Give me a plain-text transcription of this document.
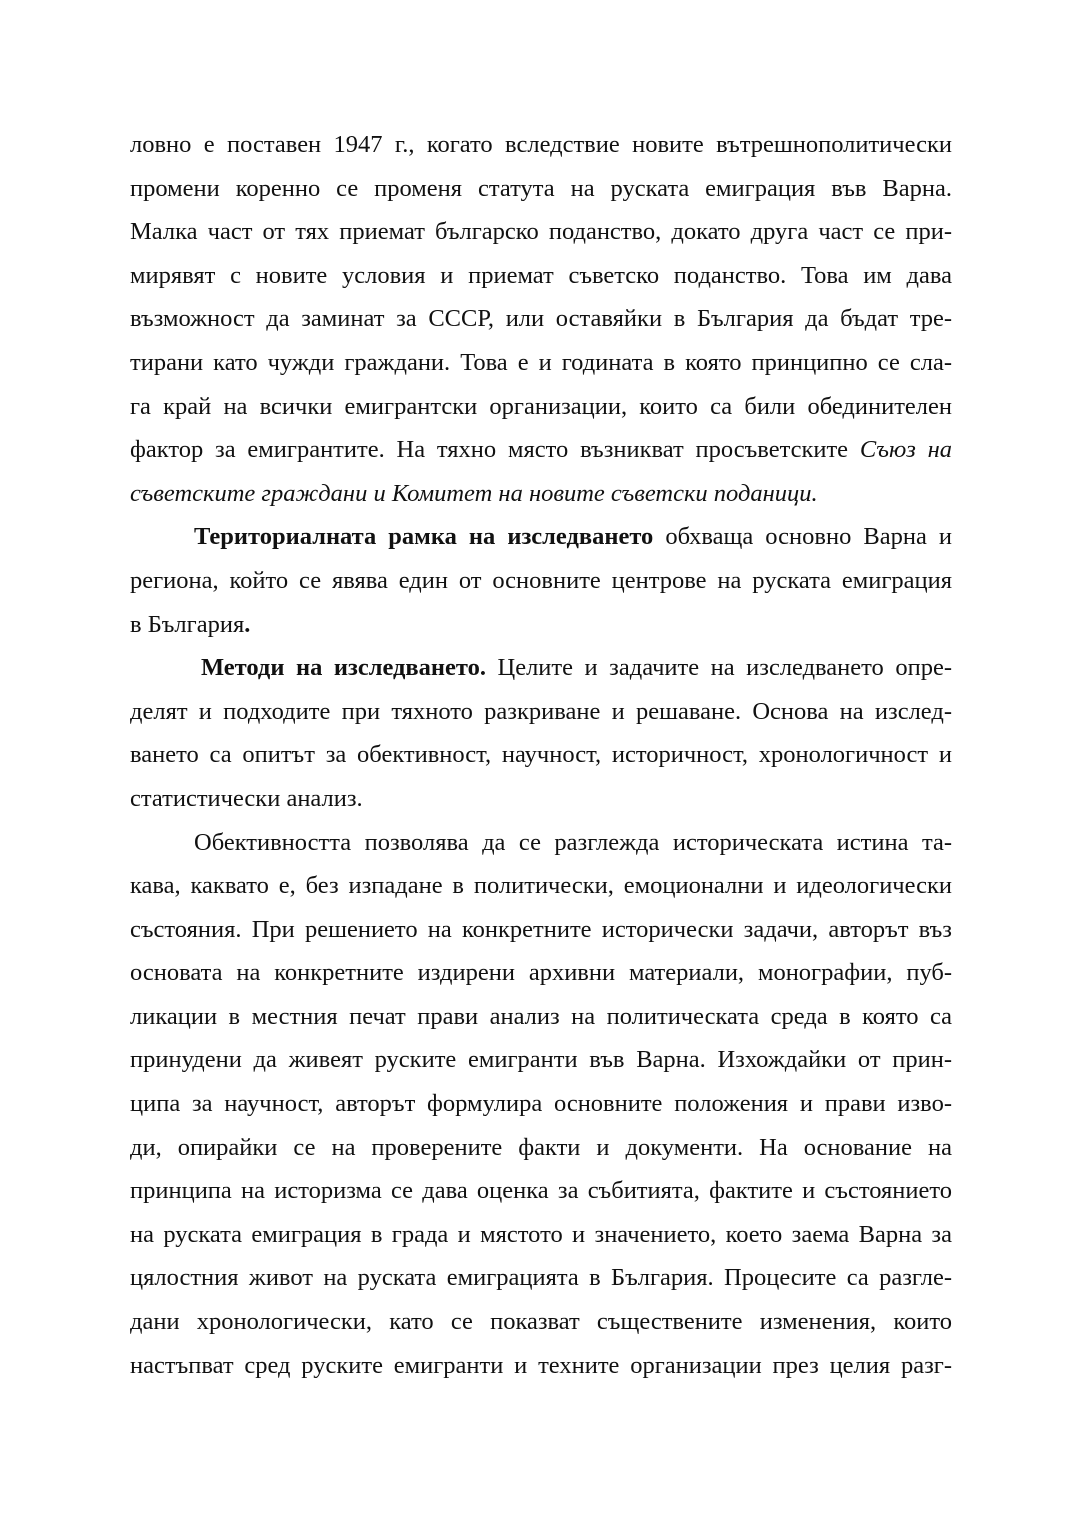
ловно е поставен 1947 г., когато вследствие новите вътрешнополитически
промени коренно се променя статута на руската емиграция във Варна.
Малка част от тях приемат българско поданство, докато друга част се при-
мирявят с новите условия и приемат съветско поданство. Това им дава
възможност да заминат за СССР, или оставяйки в България да бъдат тре-
тирани като чужди граждани. Това е и годината в която принципно се сла-
га край на всички емигрантски организации, които са били обединителен
фактор за емигрантите. На тяхно място възникват просъветските Съюз на
съветските граждани и Комитет на новите съветски поданици.
Териториалната рамка на изследването обхваща основно Варна и
региона, който се явява един от основните центрове на руската емиграция
в България.
Методи на изследването. Целите и задачите на изследването опре-
делят и подходите при тяхното разкриване и решаване. Основа на изслед-
ването са опитът за обективност, научност, историчност, хронологичност и
статистически анализ.
Обективността позволява да се разглежда историческата истина та-
кава, каквато е, без изпадане в политически, емоционални и идеологически
състояния. При решението на конкретните исторически задачи, авторът въз
основата на конкретните издирени архивни материали, монографии, пуб-
ликации в местния печат прави анализ на политическата среда в която са
принудени да живеят руските емигранти във Варна. Изхождайки от прин-
ципа за научност, авторът формулира основните положения и прави изво-
ди, опирайки се на проверените факти и документи. На основание на
принципа на историзма се дава оценка за събитията, фактите и състоянието
на руската емиграция в града и мястото и значението, което заема Варна за
цялостния живот на руската емиграцията в България. Процесите са разгле-
дани хронологически, като се показват съществените изменения, които
настъпват сред руските емигранти и техните организации през целия разг-
